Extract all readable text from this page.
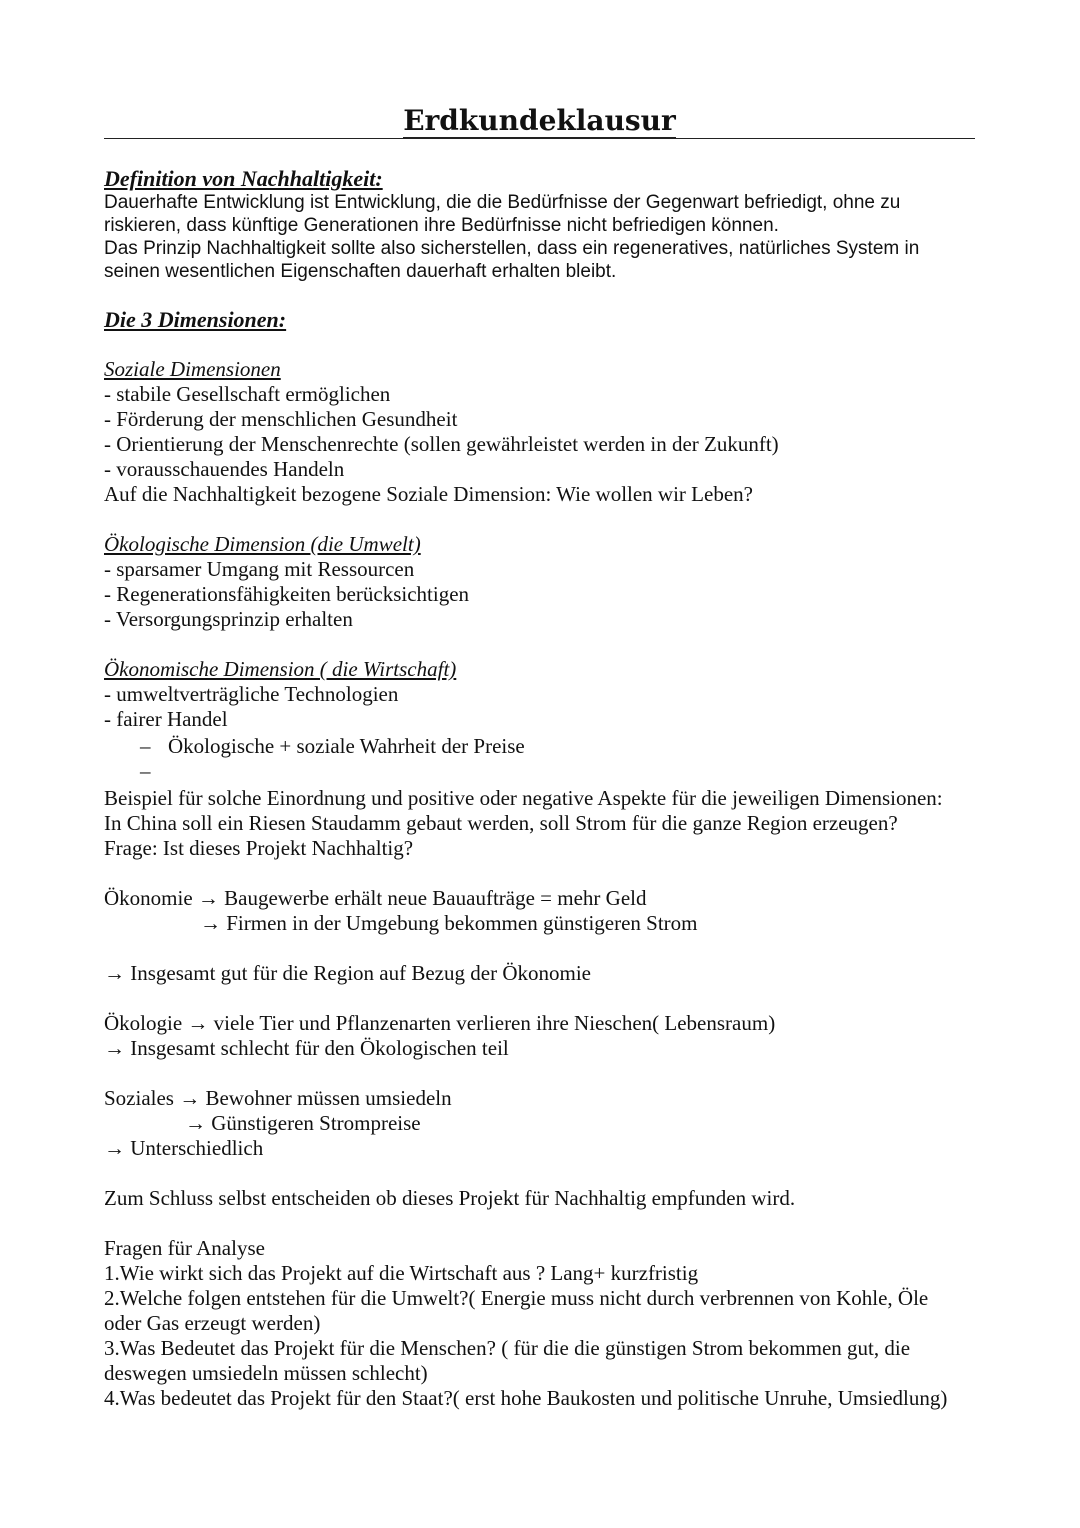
Erdkundeklausur
Definition von Nachhaltigkeit:
Dauerhafte Entwicklung ist Entwicklung, die die Bedürfnisse der Gegenwart befriedigt, ohne zu
riskieren, dass künftige Generationen ihre Bedürfnisse nicht befriedigen können.
Das Prinzip Nachhaltigkeit sollte also sicherstellen, dass ein regeneratives, natürliches System in
seinen wesentlichen Eigenschaften dauerhaft erhalten bleibt.
Die 3 Dimensionen:
Soziale Dimensionen
- stabile Gesellschaft ermöglichen
- Förderung der menschlichen Gesundheit
- Orientierung der Menschenrechte (sollen gewährleistet werden in der Zukunft)
- vorausschauendes Handeln
Auf die Nachhaltigkeit bezogene Soziale Dimension: Wie wollen wir Leben?
Ökologische Dimension (die Umwelt)
- sparsamer Umgang mit Ressourcen
- Regenerationsfähigkeiten berücksichtigen
- Versorgungsprinzip erhalten
Ökonomische Dimension ( die Wirtschaft)
- umweltverträgliche Technologien
- fairer Handel
– Ökologische + soziale Wahrheit der Preise
–
Beispiel für solche Einordnung und positive oder negative Aspekte für die jeweiligen Dimensionen:
In China soll ein Riesen Staudamm gebaut werden, soll Strom für die ganze Region erzeugen?
Frage: Ist dieses Projekt Nachhaltig?
Ökonomie → Baugewerbe erhält neue Bauaufträge = mehr Geld
→ Firmen in der Umgebung bekommen günstigeren Strom
→ Insgesamt gut für die Region auf Bezug der Ökonomie
Ökologie → viele Tier und Pflanzenarten verlieren ihre Nieschen( Lebensraum)
→ Insgesamt schlecht für den Ökologischen teil
Soziales → Bewohner müssen umsiedeln
→ Günstigeren Strompreise
→ Unterschiedlich
Zum Schluss selbst entscheiden ob dieses Projekt für Nachhaltig empfunden wird.
Fragen für Analyse
1.Wie wirkt sich das Projekt auf die Wirtschaft aus ? Lang+ kurzfristig
2.Welche folgen entstehen für die Umwelt?( Energie muss nicht durch verbrennen von Kohle, Öle
oder Gas erzeugt werden)
3.Was Bedeutet das Projekt für die Menschen? ( für die die günstigen Strom bekommen gut, die
deswegen umsiedeln müssen schlecht)
4.Was bedeutet das Projekt für den Staat?( erst hohe Baukosten und politische Unruhe, Umsiedlung)
